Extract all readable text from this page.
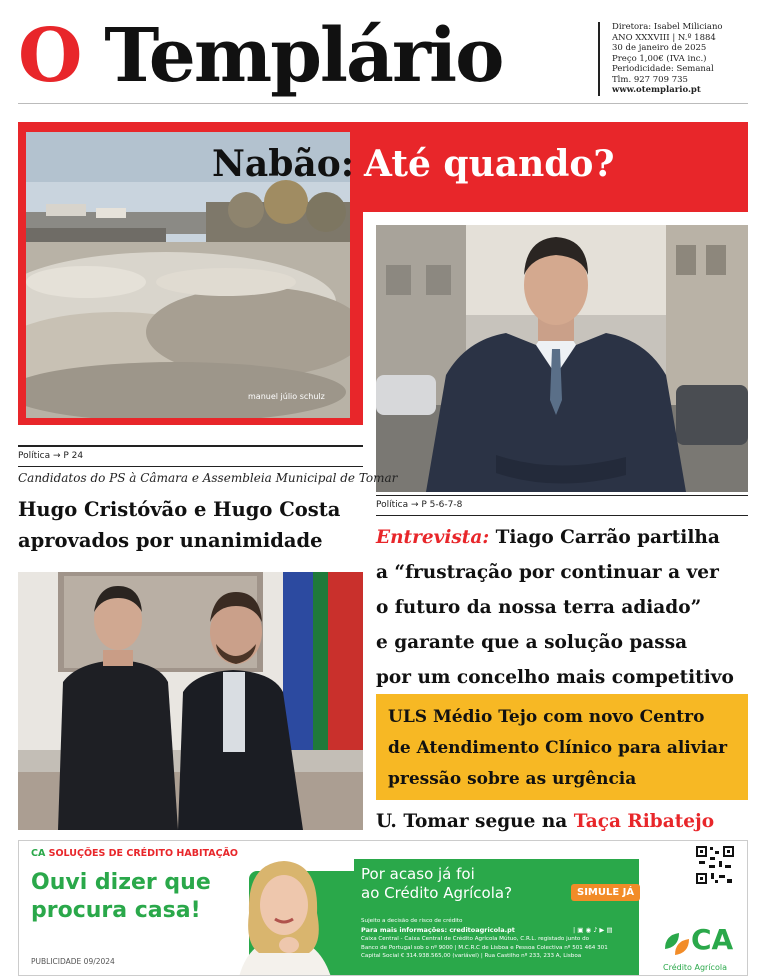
O Templário	Diretora: Isabel Miliciano
ANO XXXVIII | N.º 1884
30 de janeiro de 2025
Preço 1,00€ (IVA inc.)
Periodicidade: Semanal
Tlm. 927 709 735
www.otemplario.pt
Nabão: Até quando?
manuel júlio schulz
Política → P 24
Candidatos do PS à Câmara e Assembleia Municipal de Tomar
Hugo Cristóvão e Hugo Costa
aprovados por unanimidade
Política → P 5-6-7-8
Entrevista: Tiago Carrão partilha
a “frustração por continuar a ver
o futuro da nossa terra adiado”
e garante que a solução passa
por um concelho mais competitivo
ULS Médio Tejo com novo Centro
de Atendimento Clínico para aliviar
pressão sobre as urgência
U. Tomar segue na Taça Ribatejo
CA SOLUÇÕES DE CRÉDITO HABITAÇÃO
Ouvi dizer que procura casa!
PUBLICIDADE 09/2024
Por acaso já foi
ao Crédito Agrícola?	SIMULE JÁ
Sujeito a decisão de risco de crédito
Para mais informações: creditoagricola.pt
Caixa Central - Caixa Central de Crédito Agrícola Mútuo, C.R.L. registado junto do
Banco de Portugal sob o nº 9000 | M.C.R.C de Lisboa e Pessoa Colectiva nº 501 464 301
Capital Social € 314.938.565,00 (variável) | Rua Castilho nº 233, 233 A, Lisboa
| ▣ ◉ ♪ ▶ ▤	CA
Crédito Agrícola
